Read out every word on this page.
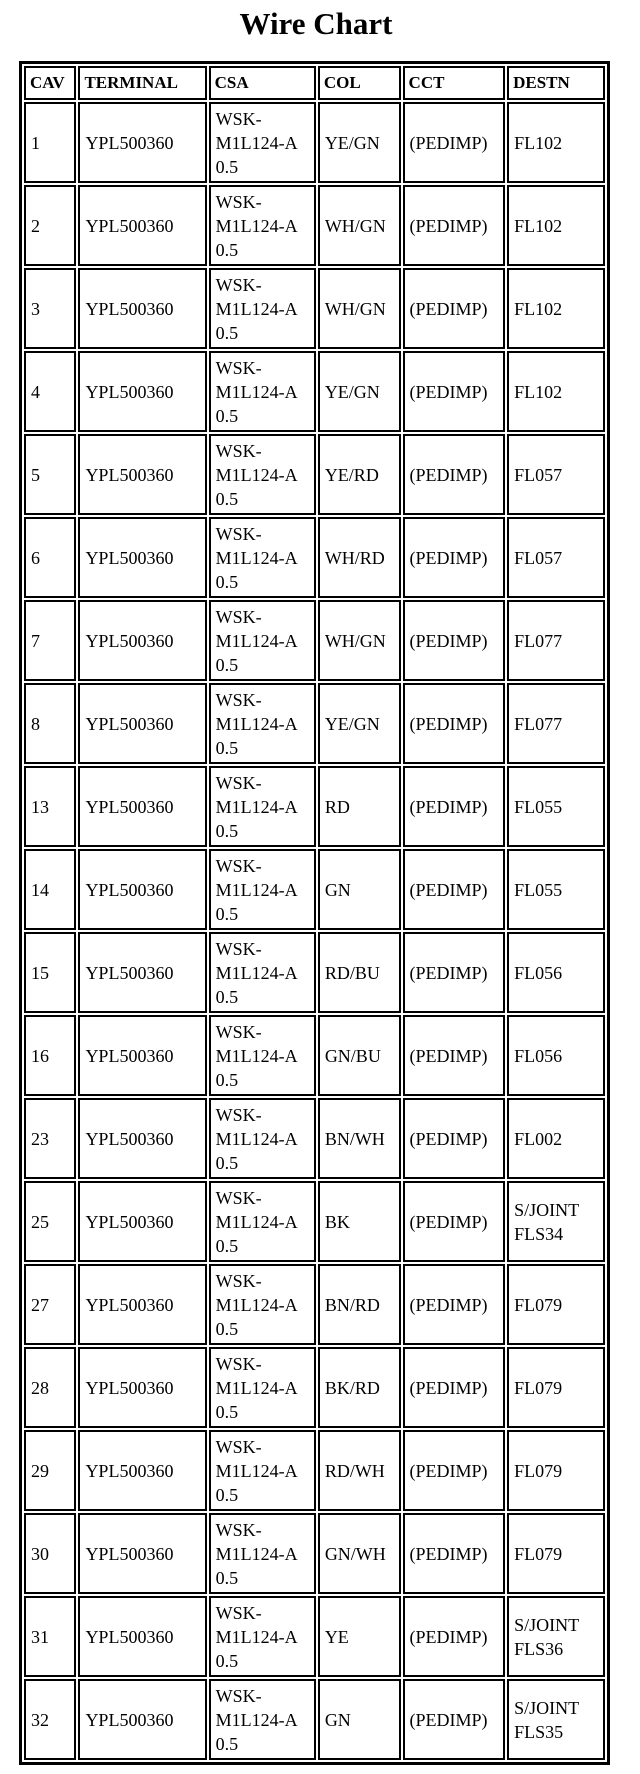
Wire Chart
CAV	TERMINAL	CSA	COL	CCT	DESTN
1	YPL500360	WSK-
M1L124-A
0.5	YE/GN	(PEDIMP)	FL102

2	YPL500360	WSK-
M1L124-A
0.5	WH/GN	(PEDIMP)	FL102

3	YPL500360	WSK-
M1L124-A
0.5	WH/GN	(PEDIMP)	FL102

4	YPL500360	WSK-
M1L124-A
0.5	YE/GN	(PEDIMP)	FL102

5	YPL500360	WSK-
M1L124-A
0.5	YE/RD	(PEDIMP)	FL057

6	YPL500360	WSK-
M1L124-A
0.5	WH/RD	(PEDIMP)	FL057

7	YPL500360	WSK-
M1L124-A
0.5	WH/GN	(PEDIMP)	FL077

8	YPL500360	WSK-
M1L124-A
0.5	YE/GN	(PEDIMP)	FL077

13	YPL500360	WSK-
M1L124-A
0.5	RD	(PEDIMP)	FL055

14	YPL500360	WSK-
M1L124-A
0.5	GN	(PEDIMP)	FL055

15	YPL500360	WSK-
M1L124-A
0.5	RD/BU	(PEDIMP)	FL056

16	YPL500360	WSK-
M1L124-A
0.5	GN/BU	(PEDIMP)	FL056

23	YPL500360	WSK-
M1L124-A
0.5	BN/WH	(PEDIMP)	FL002

25	YPL500360	WSK-
M1L124-A
0.5	BK	(PEDIMP)	S/JOINT
FLS34

27	YPL500360	WSK-
M1L124-A
0.5	BN/RD	(PEDIMP)	FL079

28	YPL500360	WSK-
M1L124-A
0.5	BK/RD	(PEDIMP)	FL079

29	YPL500360	WSK-
M1L124-A
0.5	RD/WH	(PEDIMP)	FL079

30	YPL500360	WSK-
M1L124-A
0.5	GN/WH	(PEDIMP)	FL079

31	YPL500360	WSK-
M1L124-A
0.5	YE	(PEDIMP)	S/JOINT
FLS36

32	YPL500360	WSK-
M1L124-A
0.5	GN	(PEDIMP)	S/JOINT
FLS35
